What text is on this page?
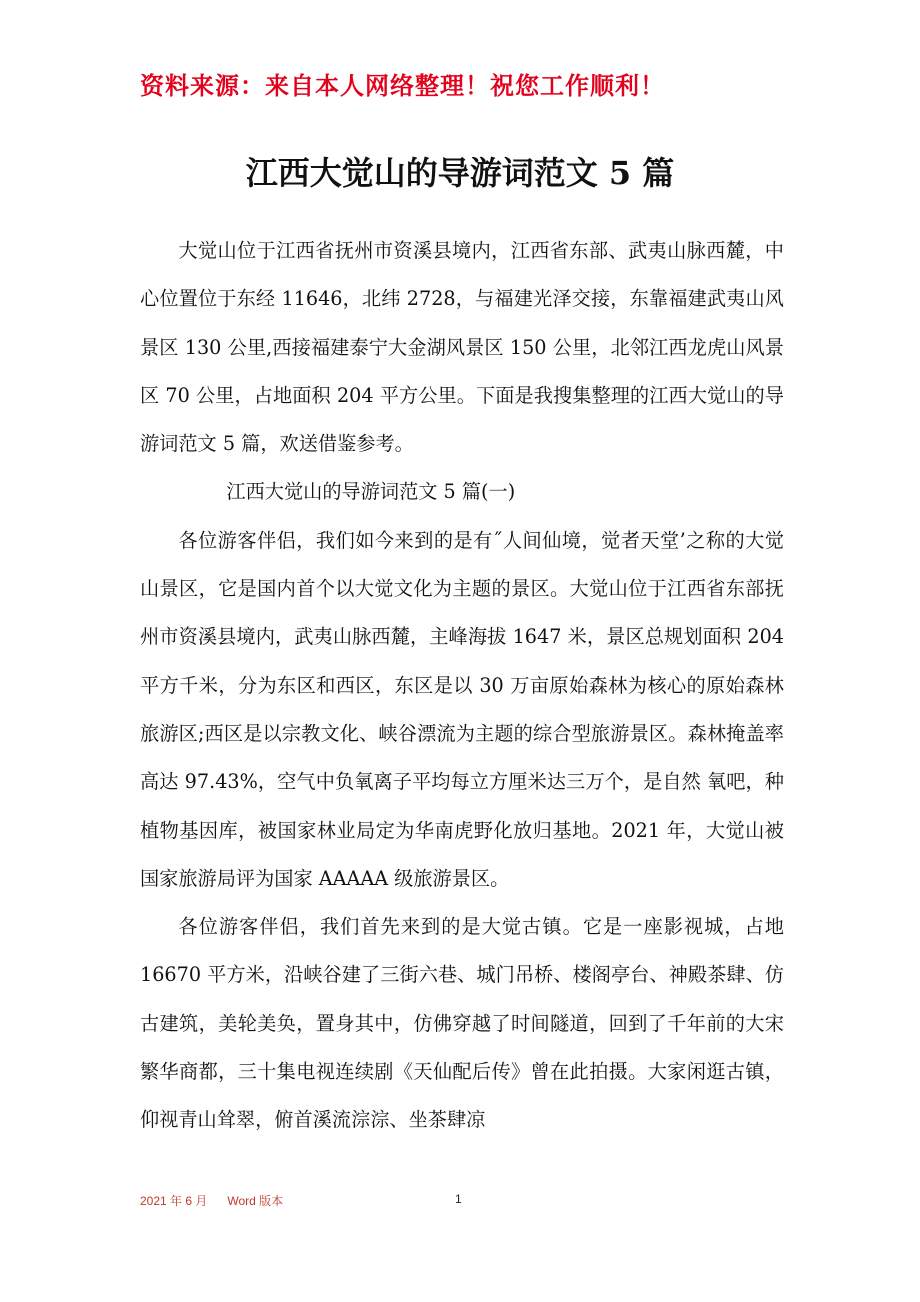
资料来源：来自本人网络整理！祝您工作顺利！
江西大觉山的导游词范文 5 篇

大觉山位于江西省抚州市资溪县境内，江西省东部、武夷山脉西麓，中心位置位于东经 11646，北纬 2728，与福建光泽交接，东靠福建武夷山风景区 130 公里,西接福建泰宁大金湖风景区 150 公里，北邻江西龙虎山风景区 70 公里，占地面积 204 平方公里。下面是我搜集整理的江西大觉山的导游词范文 5 篇，欢送借鉴参考。

江西大觉山的导游词范文 5 篇(一)

各位游客伴侣，我们如今来到的是有˝人间仙境，觉者天堂’之称的大觉山景区，它是国内首个以大觉文化为主题的景区。大觉山位于江西省东部抚州市资溪县境内，武夷山脉西麓，主峰海拔 1647 米，景区总规划面积 204 平方千米，分为东区和西区，东区是以 30 万亩原始森林为核心的原始森林旅游区;西区是以宗教文化、峡谷漂流为主题的综合型旅游景区。森林掩盖率高达 97.43%，空气中负氧离子平均每立方厘米达三万个，是自然 氧吧，种植物基因库，被国家林业局定为华南虎野化放归基地。2021 年，大觉山被国家旅游局评为国家 AAAAA 级旅游景区。

各位游客伴侣，我们首先来到的是大觉古镇。它是一座影视城，占地 16670 平方米，沿峡谷建了三街六巷、城门吊桥、楼阁亭台、神殿茶肆、仿古建筑，美轮美奂，置身其中，仿佛穿越了时间隧道，回到了千年前的大宋繁华商都，三十集电视连续剧《天仙配后传》曾在此拍摄。大家闲逛古镇，仰视青山耸翠，俯首溪流淙淙、坐茶肆凉

2021 年 6 月 Word 版本	1
